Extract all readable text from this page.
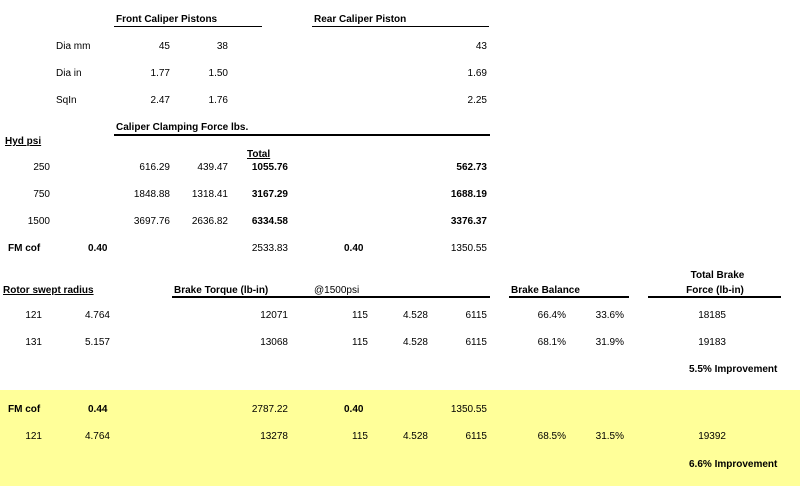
Front Caliper Pistons	Rear Caliper Piston
Dia mm	45	38	43
Dia in	1.77	1.50	1.69
SqIn	2.47	1.76	2.25
Caliper Clamping Force lbs.
Hyd psi
Total
250	616.29	439.47	1055.76	562.73
750	1848.88	1318.41	3167.29	1688.19
1500	3697.76	2636.82	6334.58	3376.37
FM cof	0.40	2533.83	0.40	1350.55
Rotor swept radius	Brake Torque (lb-in)	@1500psi	Brake Balance
Total Brake
Force (lb-in)
121	4.764	12071	115	4.528	6115	66.4%	33.6%	18185
131	5.157	13068	115	4.528	6115	68.1%	31.9%	19183
5.5% Improvement
FM cof	0.44	2787.22	0.40	1350.55
121	4.764	13278	115	4.528	6115	68.5%	31.5%	19392
6.6% Improvement
